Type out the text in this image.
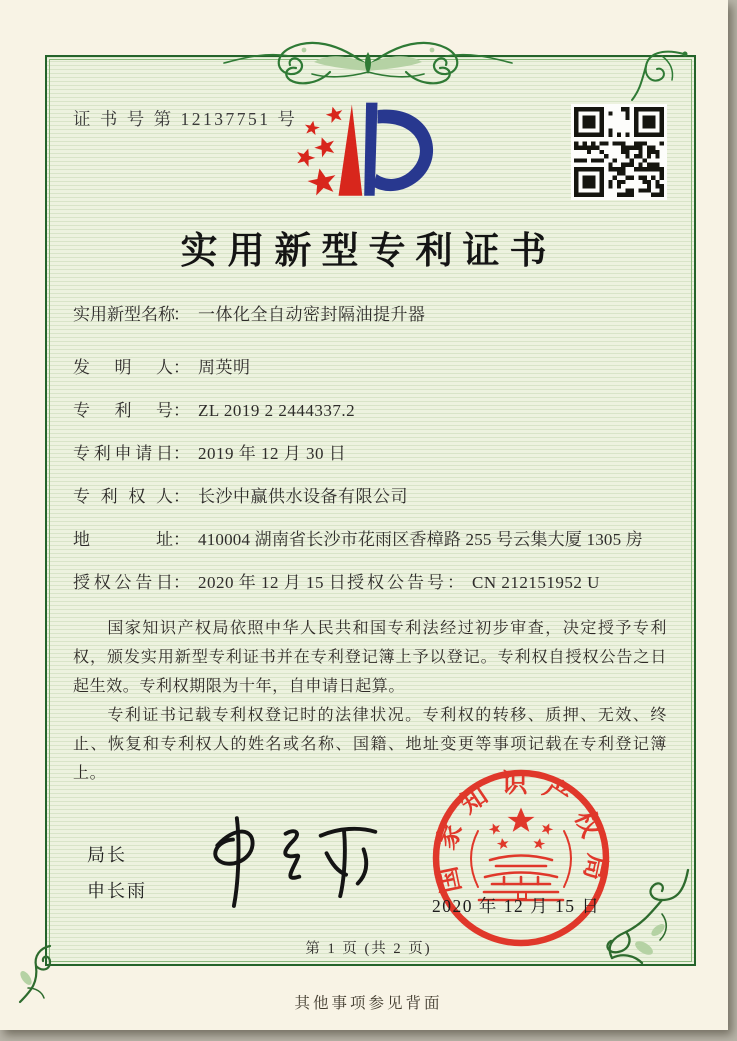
证 书 号 第 12137751 号
实用新型专利证书
实用新型名称： 一体化全自动密封隔油提升器
发明人： 周英明
专利号： ZL 2019 2 2444337.2
专利申请日： 2019 年 12 月 30 日
专利权人： 长沙中赢供水设备有限公司
地址： 410004 湖南省长沙市花雨区香樟路 255 号云集大厦 1305 房
授权公告日： 2020 年 12 月 15 日 授权公告号： CN 212151952 U

国家知识产权局依照中华人民共和国专利法经过初步审查，决定授予专利权，颁发实用新型专利证书并在专利登记簿上予以登记。专利权自授权公告之日起生效。专利权期限为十年，自申请日起算。

专利证书记载专利权登记时的法律状况。专利权的转移、质押、无效、终止、恢复和专利权人的姓名或名称、国籍、地址变更等事项记载在专利登记簿上。

局长
申长雨	国家知识产权局
2020 年 12 月 15 日
第 1 页 (共 2 页)
其他事项参见背面
